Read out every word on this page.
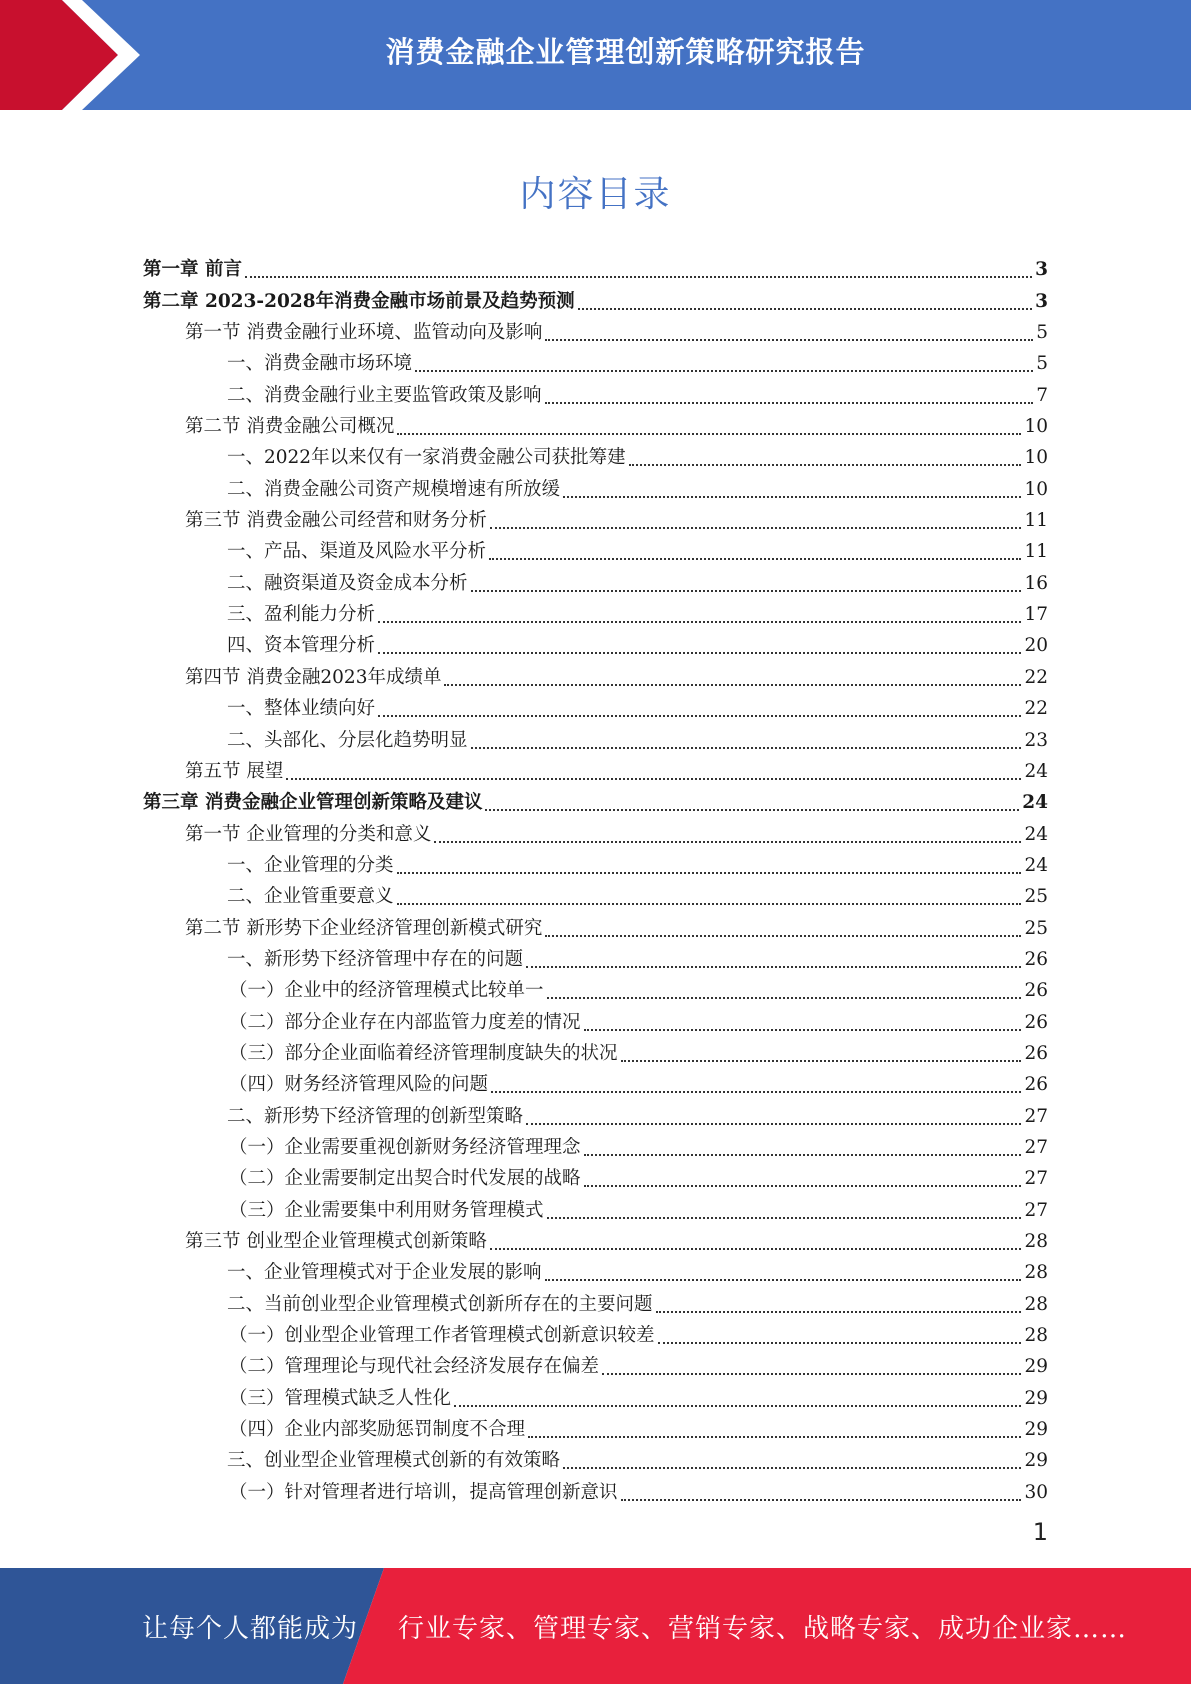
消费金融企业管理创新策略研究报告
内容目录
第一章 前言	3
第二章 2023-2028年消费金融市场前景及趋势预测	3
第一节 消费金融行业环境、监管动向及影响	5
一、消费金融市场环境	5
二、消费金融行业主要监管政策及影响	7
第二节 消费金融公司概况	10
一、2022年以来仅有一家消费金融公司获批筹建	10
二、消费金融公司资产规模增速有所放缓	10
第三节 消费金融公司经营和财务分析	11
一、产品、渠道及风险水平分析	11
二、融资渠道及资金成本分析	16
三、盈利能力分析	17
四、资本管理分析	20
第四节 消费金融2023年成绩单	22
一、整体业绩向好	22
二、头部化、分层化趋势明显	23
第五节 展望	24
第三章 消费金融企业管理创新策略及建议	24
第一节 企业管理的分类和意义	24
一、企业管理的分类	24
二、企业管重要意义	25
第二节 新形势下企业经济管理创新模式研究	25
一、新形势下经济管理中存在的问题	26
（一）企业中的经济管理模式比较单一	26
（二）部分企业存在内部监管力度差的情况	26
（三）部分企业面临着经济管理制度缺失的状况	26
（四）财务经济管理风险的问题	26
二、新形势下经济管理的创新型策略	27
（一）企业需要重视创新财务经济管理理念	27
（二）企业需要制定出契合时代发展的战略	27
（三）企业需要集中利用财务管理模式	27
第三节 创业型企业管理模式创新策略	28
一、企业管理模式对于企业发展的影响	28
二、当前创业型企业管理模式创新所存在的主要问题	28
（一）创业型企业管理工作者管理模式创新意识较差	28
（二）管理理论与现代社会经济发展存在偏差	29
（三）管理模式缺乏人性化	29
（四）企业内部奖励惩罚制度不合理	29
三、创业型企业管理模式创新的有效策略	29
（一）针对管理者进行培训，提高管理创新意识	30
1
让每个人都能成为 行业专家、管理专家、营销专家、战略专家、成功企业家……
